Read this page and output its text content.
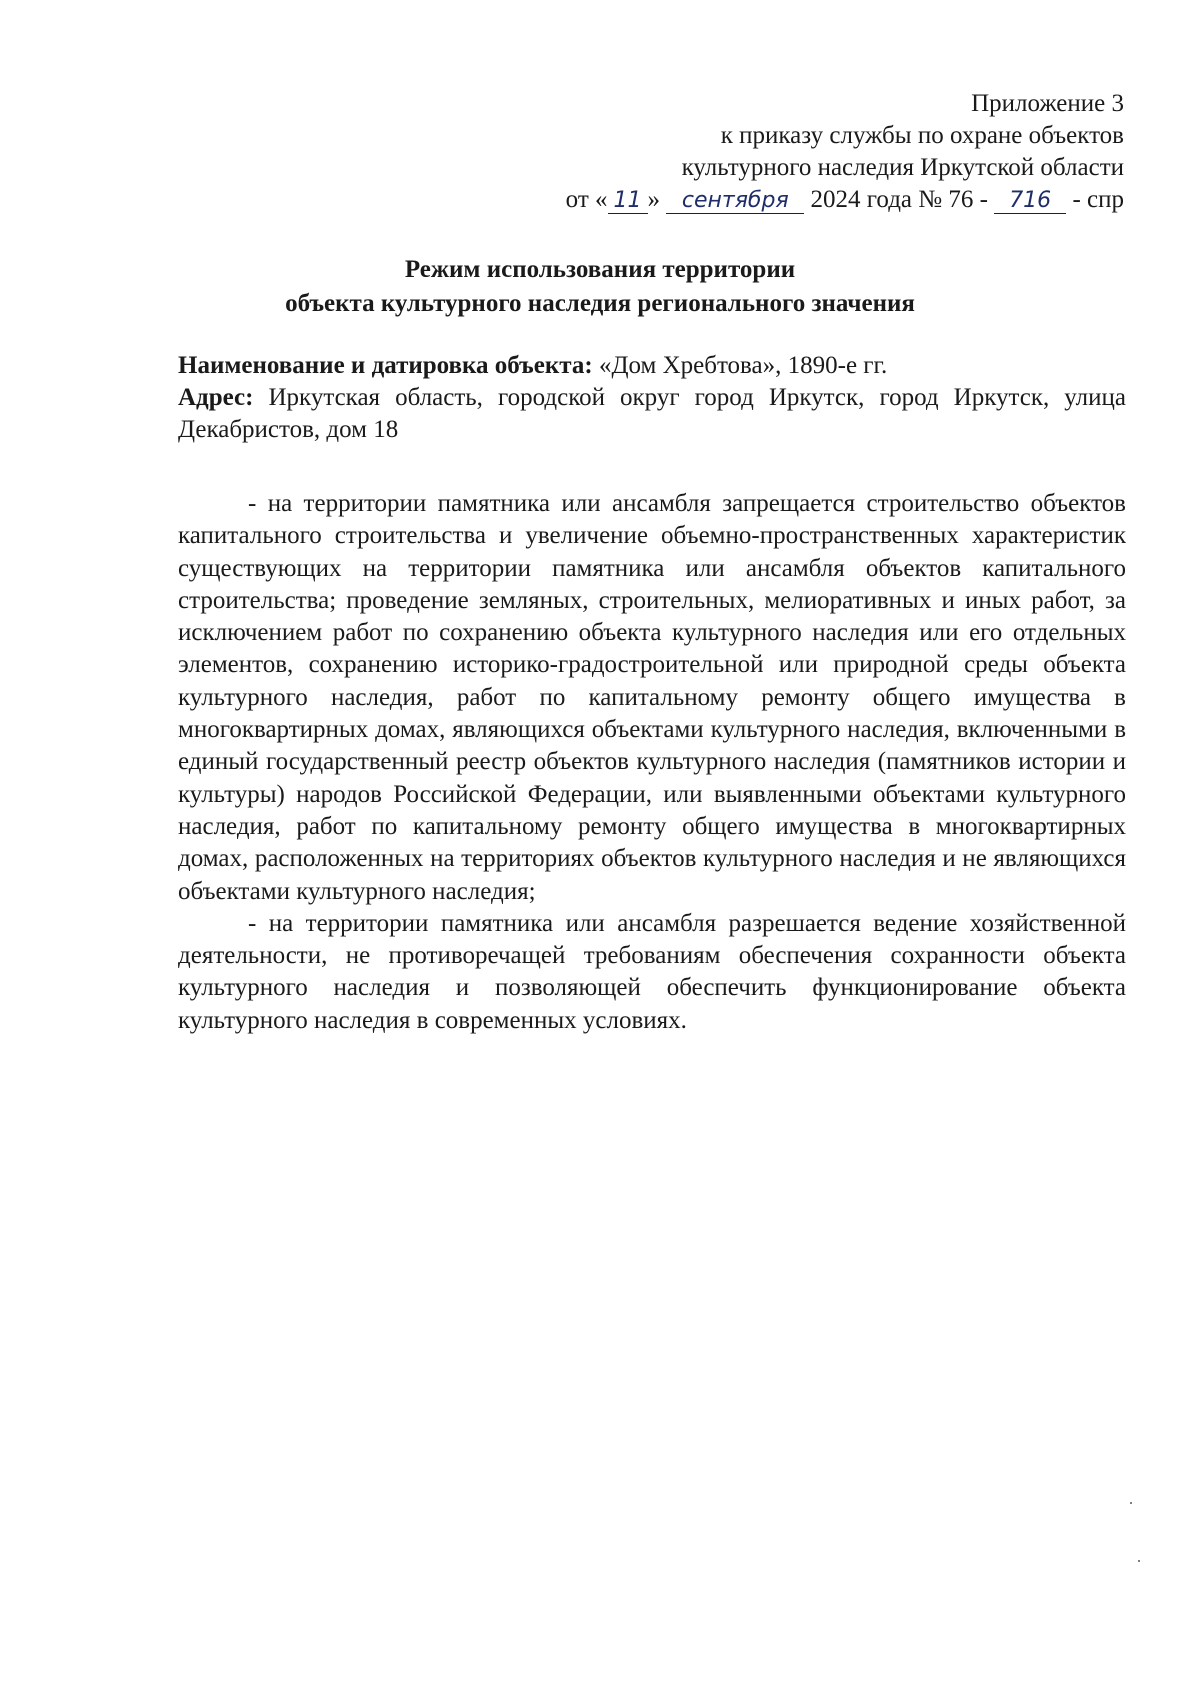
Приложение 3
к приказу службы по охране объектов
культурного наследия Иркутской области
от « 11 » сентября 2024 года № 76 - 716 - спр
Режим использования территории
объекта культурного наследия регионального значения

Наименование и датировка объекта: «Дом Хребтова», 1890-е гг.

Адрес: Иркутская область, городской округ город Иркутск, город Иркутск, улица Декабристов, дом 18

- на территории памятника или ансамбля запрещается строительство объектов капитального строительства и увеличение объемно-пространственных характеристик существующих на территории памятника или ансамбля объектов капитального строительства; проведение земляных, строительных, мелиоративных и иных работ, за исключением работ по сохранению объекта культурного наследия или его отдельных элементов, сохранению историко-градостроительной или природной среды объекта культурного наследия, работ по капитальному ремонту общего имущества в многоквартирных домах, являющихся объектами культурного наследия, включенными в единый государственный реестр объектов культурного наследия (памятников истории и культуры) народов Российской Федерации, или выявленными объектами культурного наследия, работ по капитальному ремонту общего имущества в многоквартирных домах, расположенных на территориях объектов культурного наследия и не являющихся объектами культурного наследия;

- на территории памятника или ансамбля разрешается ведение хозяйственной деятельности, не противоречащей требованиям обеспечения сохранности объекта культурного наследия и позволяющей обеспечить функционирование объекта культурного наследия в современных условиях.
